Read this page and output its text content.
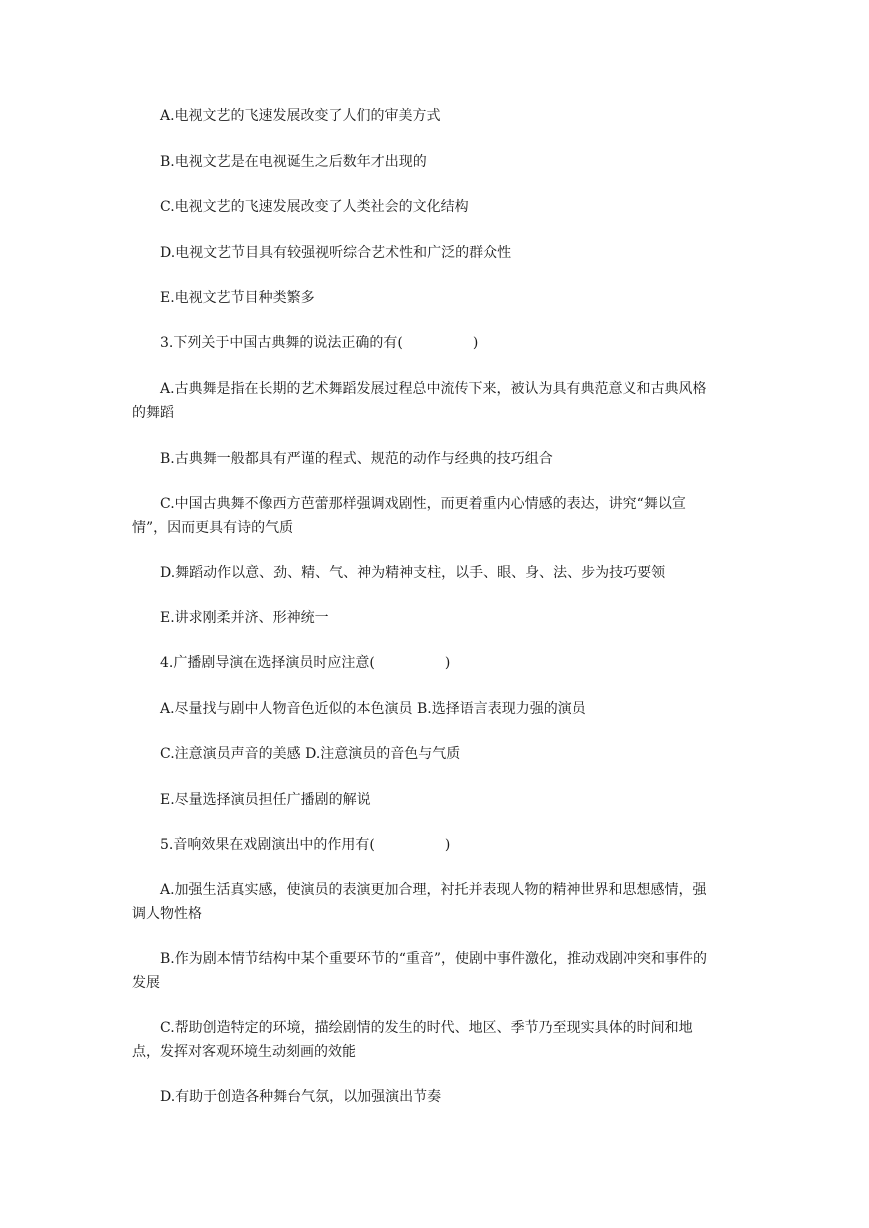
A.电视文艺的飞速发展改变了人们的审美方式

B.电视文艺是在电视诞生之后数年才出现的

C.电视文艺的飞速发展改变了人类社会的文化结构

D.电视文艺节目具有较强视听综合艺术性和广泛的群众性

E.电视文艺节目种类繁多

3.下列关于中国古典舞的说法正确的有(　　　　　)

A.古典舞是指在长期的艺术舞蹈发展过程总中流传下来，被认为具有典范意义和古典风格的舞蹈

B.古典舞一般都具有严谨的程式、规范的动作与经典的技巧组合

C.中国古典舞不像西方芭蕾那样强调戏剧性，而更着重内心情感的表达，讲究“舞以宣情”，因而更具有诗的气质

D.舞蹈动作以意、劲、精、气、神为精神支柱，以手、眼、身、法、步为技巧要领

E.讲求刚柔并济、形神统一

4.广播剧导演在选择演员时应注意(　　　　　)

A.尽量找与剧中人物音色近似的本色演员 B.选择语言表现力强的演员

C.注意演员声音的美感 D.注意演员的音色与气质

E.尽量选择演员担任广播剧的解说

5.音响效果在戏剧演出中的作用有(　　　　　)

A.加强生活真实感，使演员的表演更加合理，衬托并表现人物的精神世界和思想感情，强调人物性格

B.作为剧本情节结构中某个重要环节的“重音”，使剧中事件激化，推动戏剧冲突和事件的发展

C.帮助创造特定的环境，描绘剧情的发生的时代、地区、季节乃至现实具体的时间和地点，发挥对客观环境生动刻画的效能

D.有助于创造各种舞台气氛，以加强演出节奏
